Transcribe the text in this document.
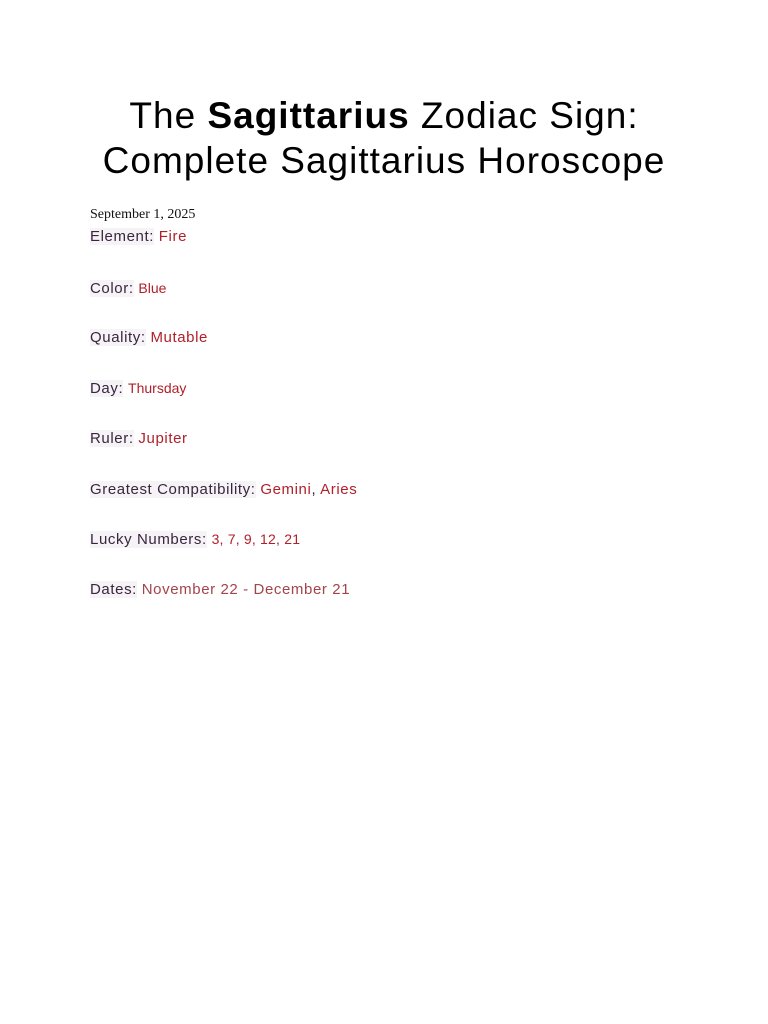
The Sagittarius Zodiac Sign:
Complete Sagittarius Horoscope
September 1, 2025
Element: Fire
Color: Blue
Quality: Mutable
Day: Thursday
Ruler: Jupiter
Greatest Compatibility: Gemini, Aries
Lucky Numbers: 3, 7, 9, 12, 21
Dates: November 22 - December 21
